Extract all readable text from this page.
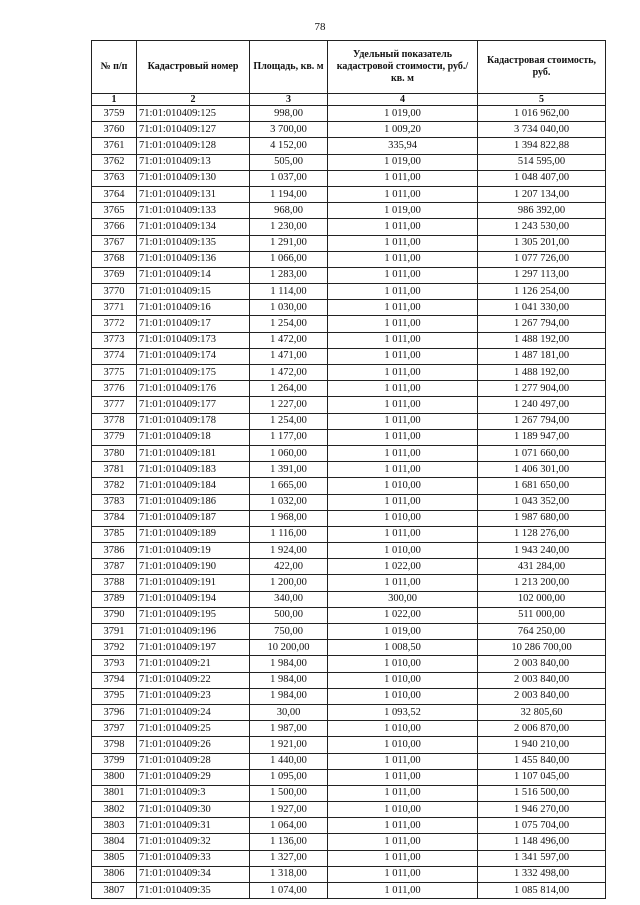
78
№ п/п	Кадастровый номер	Площадь, кв. м	Удельный показатель кадастровой стоимости, руб./кв. м	Кадастровая стоимость, руб.
1	2	3	4	5
3759	71:01:010409:125	998,00	1 019,00	1 016 962,00
3760	71:01:010409:127	3 700,00	1 009,20	3 734 040,00
3761	71:01:010409:128	4 152,00	335,94	1 394 822,88
3762	71:01:010409:13	505,00	1 019,00	514 595,00
3763	71:01:010409:130	1 037,00	1 011,00	1 048 407,00
3764	71:01:010409:131	1 194,00	1 011,00	1 207 134,00
3765	71:01:010409:133	968,00	1 019,00	986 392,00
3766	71:01:010409:134	1 230,00	1 011,00	1 243 530,00
3767	71:01:010409:135	1 291,00	1 011,00	1 305 201,00
3768	71:01:010409:136	1 066,00	1 011,00	1 077 726,00
3769	71:01:010409:14	1 283,00	1 011,00	1 297 113,00
3770	71:01:010409:15	1 114,00	1 011,00	1 126 254,00
3771	71:01:010409:16	1 030,00	1 011,00	1 041 330,00
3772	71:01:010409:17	1 254,00	1 011,00	1 267 794,00
3773	71:01:010409:173	1 472,00	1 011,00	1 488 192,00
3774	71:01:010409:174	1 471,00	1 011,00	1 487 181,00
3775	71:01:010409:175	1 472,00	1 011,00	1 488 192,00
3776	71:01:010409:176	1 264,00	1 011,00	1 277 904,00
3777	71:01:010409:177	1 227,00	1 011,00	1 240 497,00
3778	71:01:010409:178	1 254,00	1 011,00	1 267 794,00
3779	71:01:010409:18	1 177,00	1 011,00	1 189 947,00
3780	71:01:010409:181	1 060,00	1 011,00	1 071 660,00
3781	71:01:010409:183	1 391,00	1 011,00	1 406 301,00
3782	71:01:010409:184	1 665,00	1 010,00	1 681 650,00
3783	71:01:010409:186	1 032,00	1 011,00	1 043 352,00
3784	71:01:010409:187	1 968,00	1 010,00	1 987 680,00
3785	71:01:010409:189	1 116,00	1 011,00	1 128 276,00
3786	71:01:010409:19	1 924,00	1 010,00	1 943 240,00
3787	71:01:010409:190	422,00	1 022,00	431 284,00
3788	71:01:010409:191	1 200,00	1 011,00	1 213 200,00
3789	71:01:010409:194	340,00	300,00	102 000,00
3790	71:01:010409:195	500,00	1 022,00	511 000,00
3791	71:01:010409:196	750,00	1 019,00	764 250,00
3792	71:01:010409:197	10 200,00	1 008,50	10 286 700,00
3793	71:01:010409:21	1 984,00	1 010,00	2 003 840,00
3794	71:01:010409:22	1 984,00	1 010,00	2 003 840,00
3795	71:01:010409:23	1 984,00	1 010,00	2 003 840,00
3796	71:01:010409:24	30,00	1 093,52	32 805,60
3797	71:01:010409:25	1 987,00	1 010,00	2 006 870,00
3798	71:01:010409:26	1 921,00	1 010,00	1 940 210,00
3799	71:01:010409:28	1 440,00	1 011,00	1 455 840,00
3800	71:01:010409:29	1 095,00	1 011,00	1 107 045,00
3801	71:01:010409:3	1 500,00	1 011,00	1 516 500,00
3802	71:01:010409:30	1 927,00	1 010,00	1 946 270,00
3803	71:01:010409:31	1 064,00	1 011,00	1 075 704,00
3804	71:01:010409:32	1 136,00	1 011,00	1 148 496,00
3805	71:01:010409:33	1 327,00	1 011,00	1 341 597,00
3806	71:01:010409:34	1 318,00	1 011,00	1 332 498,00
3807	71:01:010409:35	1 074,00	1 011,00	1 085 814,00
